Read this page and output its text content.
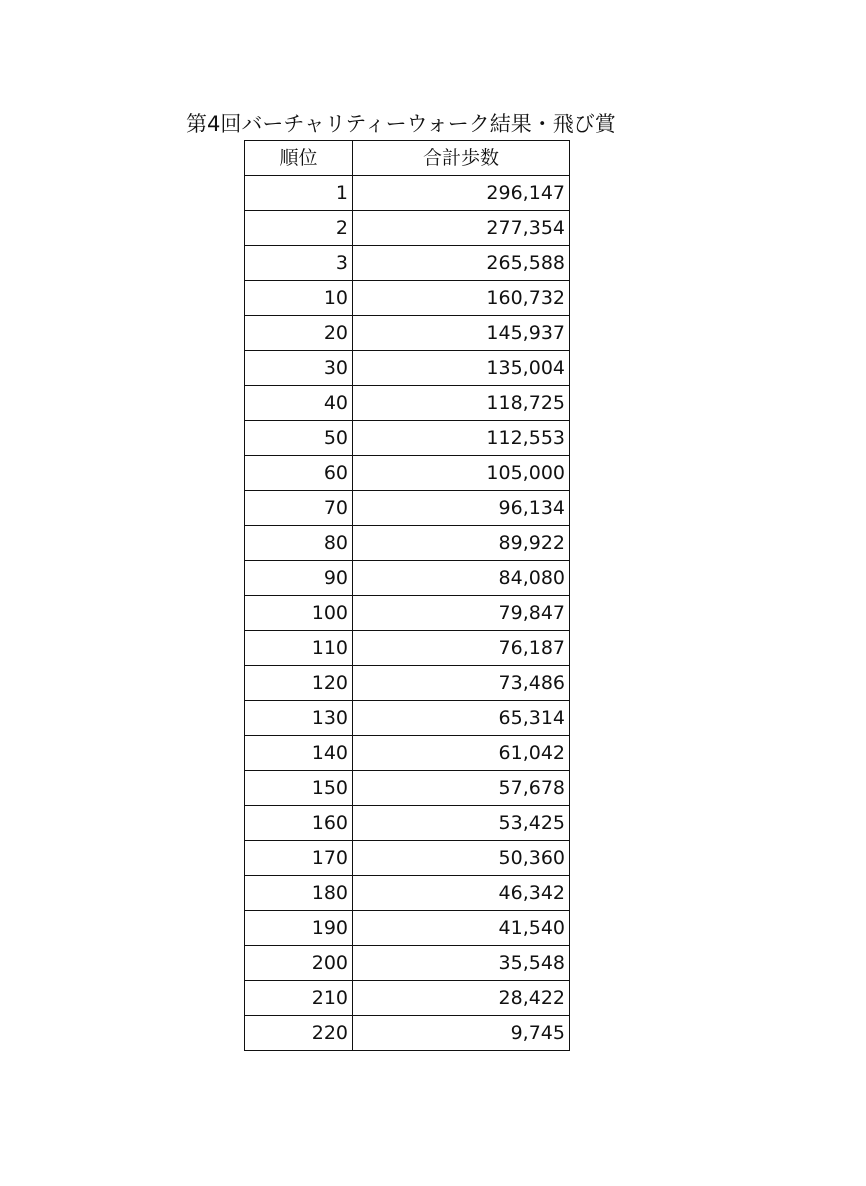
第4回バーチャリティーウォーク結果・飛び賞
順位	合計歩数
1	296,147
2	277,354
3	265,588
10	160,732
20	145,937
30	135,004
40	118,725
50	112,553
60	105,000
70	96,134
80	89,922
90	84,080
100	79,847
110	76,187
120	73,486
130	65,314
140	61,042
150	57,678
160	53,425
170	50,360
180	46,342
190	41,540
200	35,548
210	28,422
220	9,745
